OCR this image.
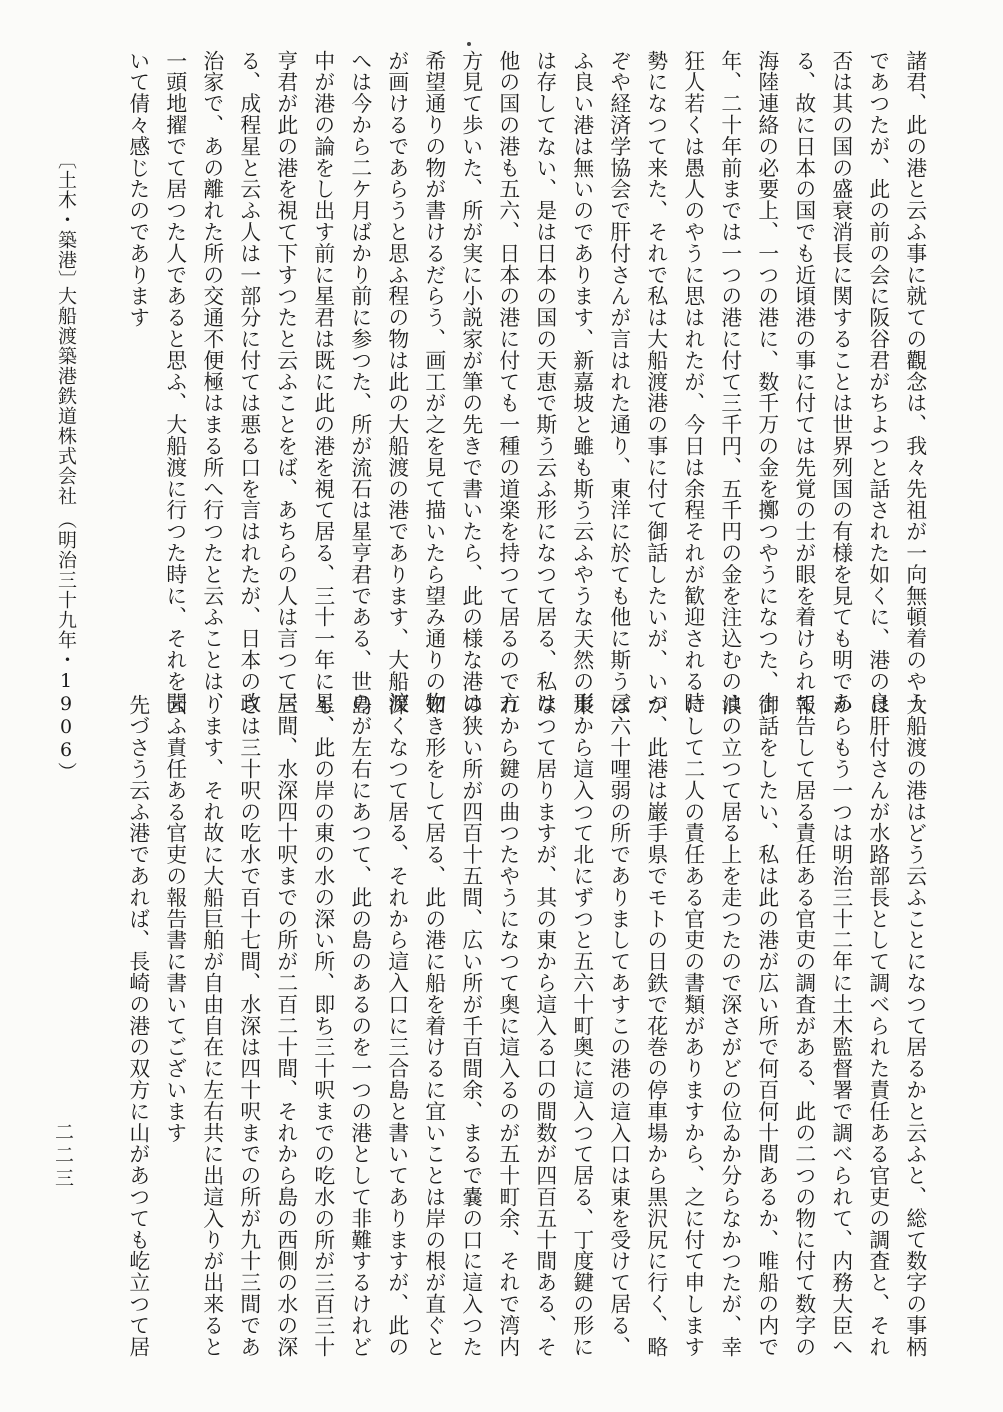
諸君、此の港と云ふ事に就ての觀念は、我々先祖が一向無頓着のやう
であつたが、此の前の会に阪谷君がちよつと話された如くに、港の良
否は其の国の盛衰消長に関することは世界列国の有様を見ても明であ
る、故に日本の国でも近頃港の事に付ては先覚の士が眼を着けられて
海陸連絡の必要上、一つの港に、数千万の金を擲つやうになつた、十
年、二十年前までは一つの港に付て三千円、五千円の金を注込むのは
狂人若くは愚人のやうに思はれたが、今日は余程それが歓迎される時
勢になつて来た、それで私は大船渡港の事に付て御話したいが、いつ
ぞや経済学協会で肝付さんが言はれた通り、東洋に於ても他に斯う云
ふ良い港は無いのであります、新嘉坡と雖も斯う云ふやうな天然の形
は存してない、是は日本の国の天恵で斯う云ふ形になつて居る、私は
他の国の港も五六、日本の港に付ても一種の道楽を持つて居るので方
方見て歩いた、所が実に小説家が筆の先きで書いたら、此の様な港は
希望通りの物が書けるだらう、画工が之を見て描いたら望み通りの物
が画けるであらうと思ふ程の物は此の大船渡の港であります、大船渡
へは今から二ケ月ばかり前に参つた、所が流石は星亨君である、世の
中が港の論をし出す前に星君は既に此の港を視て居る、三十一年に星
亨君が此の港を視て下すつたと云ふことをば、あちらの人は言つて居
る、成程星と云ふ人は一部分に付ては悪る口を言はれたが、日本の政
治家で、あの離れた所の交通不便極はまる所へ行つたと云ふことは、
一頭地擢でて居つた人であると思ふ、大船渡に行つた時に、それを聞
いて倩々感じたのであります
〔土木・築港〕
大船渡築港鉄道株式会社
（明治三十九年・1906）
大船渡の港はどう云ふことになつて居るかと云ふと、総て数字の事柄
は肝付さんが水路部長として調べられた責任ある官吏の調査と、それ
からもう一つは明治三十二年に土木監督署で調べられて、内務大臣へ
報告して居る責任ある官吏の調査がある、此の二つの物に付て数字の
御話をしたい、私は此の港が広い所で何百何十間あるか、唯船の内で
浪の立つて居る上を走つたので深さがどの位ゐか分らなかつたが、幸
にして二人の責任ある官吏の書類がありますから、之に付て申します
が、此港は巌手県でモトの日鉄で花巻の停車場から黒沢尻に行く、略
ぼ六十哩弱の所でありましてあすこの港の這入口は東を受けて居る、
東から這入つて北にずつと五六十町奥に這入つて居る、丁度鍵の形に
なつて居りますが、其の東から這入る口の間数が四百五十間ある、そ
れから鍵の曲つたやうになつて奥に這入るのが五十町余、それで湾内
の狭い所が四百十五間、広い所が千百間余、まるで嚢の口に這入つた
如き形をして居る、此の港に船を着けるに宜いことは岸の根が直ぐと
深くなつて居る、それから這入口に三合島と書いてありますが、此の
島が左右にあつて、此の島のあるのを一つの港として非難するけれど
も、此の岸の東の水の深い所、即ち三十呎までの吃水の所が三百三十
三間、水深四十呎までの所が二百二十間、それから島の西側の水の深
さは三十呎の吃水で百十七間、水深は四十呎までの所が九十三間であ
ります、それ故に大船巨舶が自由自在に左右共に出這入りが出来ると
云ふ責任ある官吏の報告書に書いてございます
先づさう云ふ港であれば、長崎の港の双方に山があつても屹立つて居
二二三
